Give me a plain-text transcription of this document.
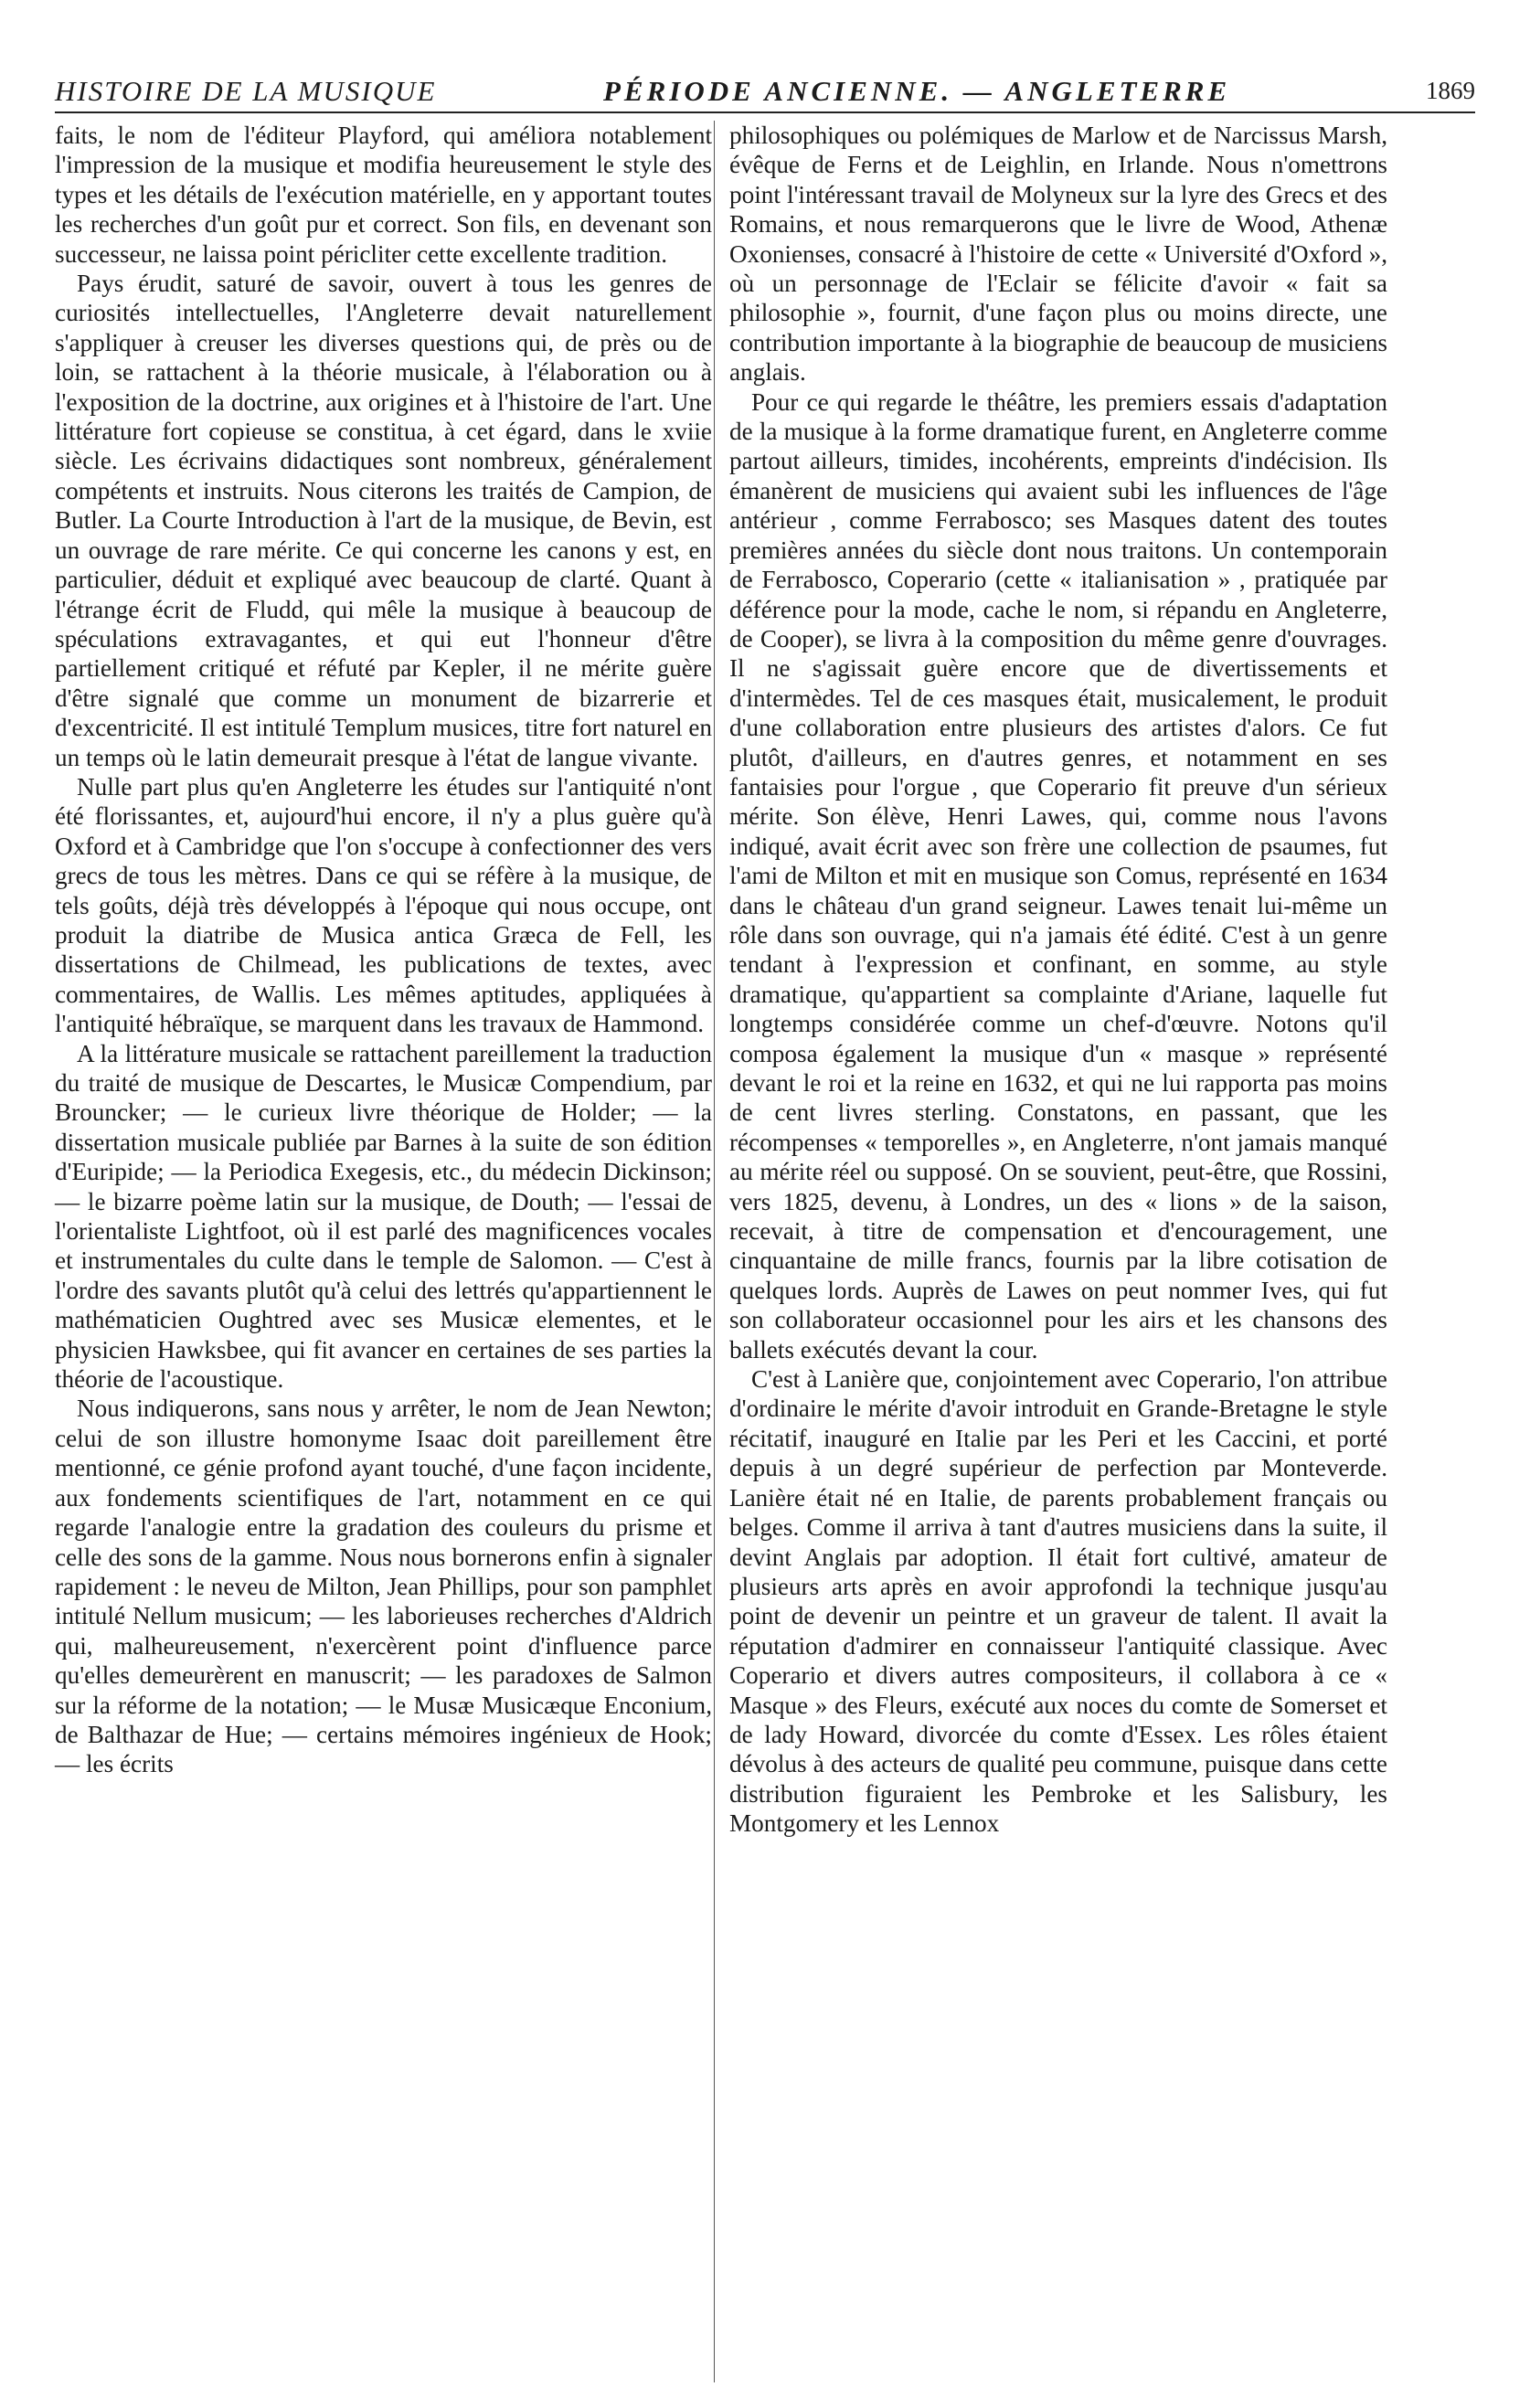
HISTOIRE DE LA MUSIQUE	PÉRIODE ANCIENNE. — ANGLETERRE	1869

faits, le nom de l'éditeur Playford, qui améliora notablement l'impression de la musique et modifia heureusement le style des types et les détails de l'exécution matérielle, en y apportant toutes les recherches d'un goût pur et correct. Son fils, en devenant son successeur, ne laissa point péricliter cette excellente tradition.

Pays érudit, saturé de savoir, ouvert à tous les genres de curiosités intellectuelles, l'Angleterre devait naturellement s'appliquer à creuser les diverses questions qui, de près ou de loin, se rattachent à la théorie musicale, à l'élaboration ou à l'exposition de la doctrine, aux origines et à l'histoire de l'art. Une littérature fort copieuse se constitua, à cet égard, dans le xviie siècle. Les écrivains didactiques sont nombreux, généralement compétents et instruits. Nous citerons les traités de Campion, de Butler. La Courte Introduction à l'art de la musique, de Bevin, est un ouvrage de rare mérite. Ce qui concerne les canons y est, en particulier, déduit et expliqué avec beaucoup de clarté. Quant à l'étrange écrit de Fludd, qui mêle la musique à beaucoup de spéculations extravagantes, et qui eut l'honneur d'être partiellement critiqué et réfuté par Kepler, il ne mérite guère d'être signalé que comme un monument de bizarrerie et d'excentricité. Il est intitulé Templum musices, titre fort naturel en un temps où le latin demeurait presque à l'état de langue vivante.

Nulle part plus qu'en Angleterre les études sur l'antiquité n'ont été florissantes, et, aujourd'hui encore, il n'y a plus guère qu'à Oxford et à Cambridge que l'on s'occupe à confectionner des vers grecs de tous les mètres. Dans ce qui se réfère à la musique, de tels goûts, déjà très développés à l'époque qui nous occupe, ont produit la diatribe de Musica antica Græca de Fell, les dissertations de Chilmead, les publications de textes, avec commentaires, de Wallis. Les mêmes aptitudes, appliquées à l'antiquité hébraïque, se marquent dans les travaux de Hammond.

A la littérature musicale se rattachent pareillement la traduction du traité de musique de Descartes, le Musicæ Compendium, par Brouncker; — le curieux livre théorique de Holder; — la dissertation musicale publiée par Barnes à la suite de son édition d'Euripide; — la Periodica Exegesis, etc., du médecin Dickinson; — le bizarre poème latin sur la musique, de Douth; — l'essai de l'orientaliste Lightfoot, où il est parlé des magnificences vocales et instrumentales du culte dans le temple de Salomon. — C'est à l'ordre des savants plutôt qu'à celui des lettrés qu'appartiennent le mathématicien Oughtred avec ses Musicæ elementes, et le physicien Hawksbee, qui fit avancer en certaines de ses parties la théorie de l'acoustique.

Nous indiquerons, sans nous y arrêter, le nom de Jean Newton; celui de son illustre homonyme Isaac doit pareillement être mentionné, ce génie profond ayant touché, d'une façon incidente, aux fondements scientifiques de l'art, notamment en ce qui regarde l'analogie entre la gradation des couleurs du prisme et celle des sons de la gamme. Nous nous bornerons enfin à signaler rapidement : le neveu de Milton, Jean Phillips, pour son pamphlet intitulé Nellum musicum; — les laborieuses recherches d'Aldrich qui, malheureusement, n'exercèrent point d'influence parce qu'elles demeurèrent en manuscrit; — les paradoxes de Salmon sur la réforme de la notation; — le Musæ Musicæque Enconium, de Balthazar de Hue; — certains mémoires ingénieux de Hook; — les écrits

philosophiques ou polémiques de Marlow et de Narcissus Marsh, évêque de Ferns et de Leighlin, en Irlande. Nous n'omettrons point l'intéressant travail de Molyneux sur la lyre des Grecs et des Romains, et nous remarquerons que le livre de Wood, Athenæ Oxonienses, consacré à l'histoire de cette « Université d'Oxford », où un personnage de l'Eclair se félicite d'avoir « fait sa philosophie », fournit, d'une façon plus ou moins directe, une contribution importante à la biographie de beaucoup de musiciens anglais.

Pour ce qui regarde le théâtre, les premiers essais d'adaptation de la musique à la forme dramatique furent, en Angleterre comme partout ailleurs, timides, incohérents, empreints d'indécision. Ils émanèrent de musiciens qui avaient subi les influences de l'âge antérieur , comme Ferrabosco; ses Masques datent des toutes premières années du siècle dont nous traitons. Un contemporain de Ferrabosco, Coperario (cette « italianisation » , pratiquée par déférence pour la mode, cache le nom, si répandu en Angleterre, de Cooper), se livra à la composition du même genre d'ouvrages. Il ne s'agissait guère encore que de divertissements et d'intermèdes. Tel de ces masques était, musicalement, le produit d'une collaboration entre plusieurs des artistes d'alors. Ce fut plutôt, d'ailleurs, en d'autres genres, et notamment en ses fantaisies pour l'orgue , que Coperario fit preuve d'un sérieux mérite. Son élève, Henri Lawes, qui, comme nous l'avons indiqué, avait écrit avec son frère une collection de psaumes, fut l'ami de Milton et mit en musique son Comus, représenté en 1634 dans le château d'un grand seigneur. Lawes tenait lui-même un rôle dans son ouvrage, qui n'a jamais été édité. C'est à un genre tendant à l'expression et confinant, en somme, au style dramatique, qu'appartient sa complainte d'Ariane, laquelle fut longtemps considérée comme un chef-d'œuvre. Notons qu'il composa également la musique d'un « masque » représenté devant le roi et la reine en 1632, et qui ne lui rapporta pas moins de cent livres sterling. Constatons, en passant, que les récompenses « temporelles », en Angleterre, n'ont jamais manqué au mérite réel ou supposé. On se souvient, peut-être, que Rossini, vers 1825, devenu, à Londres, un des « lions » de la saison, recevait, à titre de compensation et d'encouragement, une cinquantaine de mille francs, fournis par la libre cotisation de quelques lords. Auprès de Lawes on peut nommer Ives, qui fut son collaborateur occasionnel pour les airs et les chansons des ballets exécutés devant la cour.

C'est à Lanière que, conjointement avec Coperario, l'on attribue d'ordinaire le mérite d'avoir introduit en Grande-Bretagne le style récitatif, inauguré en Italie par les Peri et les Caccini, et porté depuis à un degré supérieur de perfection par Monteverde. Lanière était né en Italie, de parents probablement français ou belges. Comme il arriva à tant d'autres musiciens dans la suite, il devint Anglais par adoption. Il était fort cultivé, amateur de plusieurs arts après en avoir approfondi la technique jusqu'au point de devenir un peintre et un graveur de talent. Il avait la réputation d'admirer en connaisseur l'antiquité classique. Avec Coperario et divers autres compositeurs, il collabora à ce « Masque » des Fleurs, exécuté aux noces du comte de Somerset et de lady Howard, divorcée du comte d'Essex. Les rôles étaient dévolus à des acteurs de qualité peu commune, puisque dans cette distribution figuraient les Pembroke et les Salisbury, les Montgomery et les Lennox
